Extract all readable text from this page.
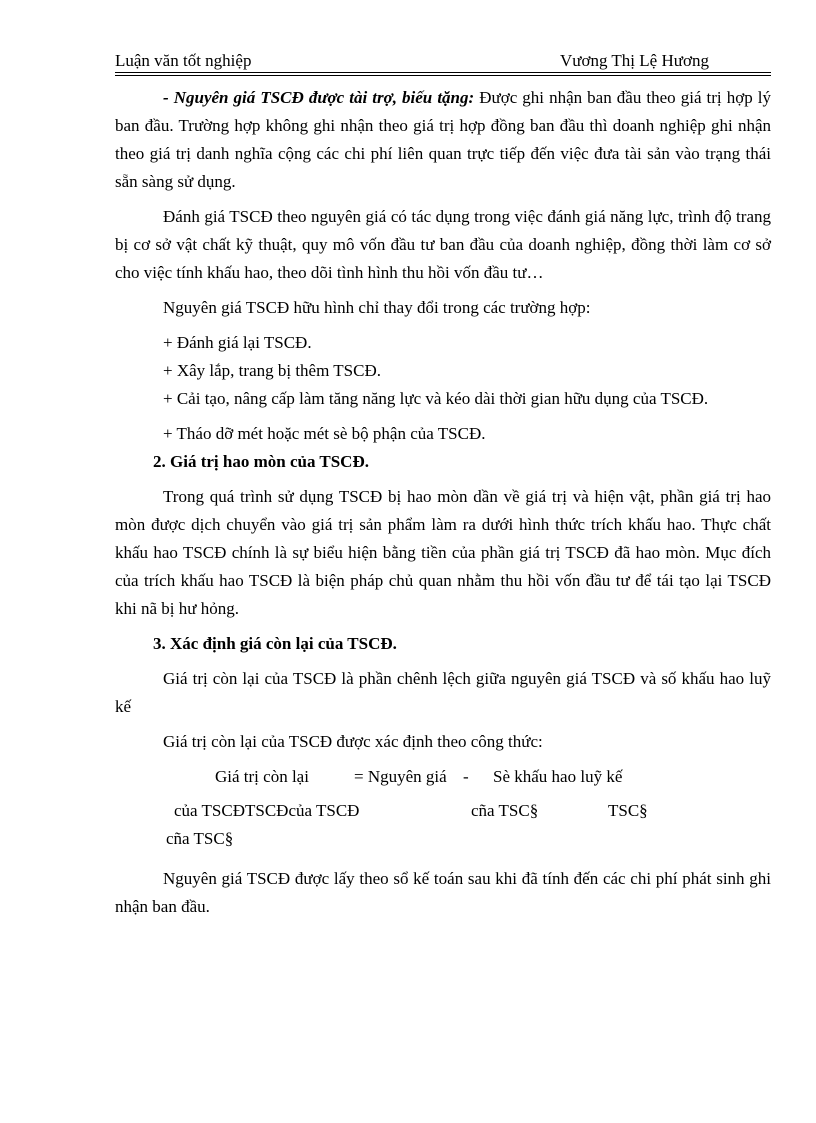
Luận văn tốt nghiệp	Vương Thị Lệ Hương

- Nguyên giá TSCĐ được tài trợ, biếu tặng: Được ghi nhận ban đầu theo giá trị hợp lý ban đầu. Trường hợp không ghi nhận theo giá trị hợp đồng ban đầu thì doanh nghiệp ghi nhận theo giá trị danh nghĩa cộng các chi phí liên quan trực tiếp đến việc đưa tài sản vào trạng thái sẵn sàng sử dụng.

Đánh giá TSCĐ theo nguyên giá có tác dụng trong việc đánh giá năng lực, trình độ trang bị cơ sở vật chất kỹ thuật, quy mô vốn đầu tư ban đầu của doanh nghiệp, đồng thời làm cơ sở cho việc tính khấu hao, theo dõi tình hình thu hồi vốn đầu tư…

Nguyên giá TSCĐ hữu hình chỉ thay đổi trong các trường hợp:

+ Đánh giá lại TSCĐ.

+ Xây lắp, trang bị thêm TSCĐ.

+ Cải tạo, nâng cấp làm tăng năng lực và kéo dài thời gian hữu dụng của TSCĐ.

+ Tháo dỡ mét hoặc mét sè bộ phận của TSCĐ.

2. Giá trị hao mòn của TSCĐ.

Trong quá trình sử dụng TSCĐ bị hao mòn dần về giá trị và hiện vật, phần giá trị hao mòn được dịch chuyển vào giá trị sản phẩm làm ra dưới hình thức trích khấu hao. Thực chất khấu hao TSCĐ chính là sự biểu hiện bằng tiền của phần giá trị TSCĐ đã hao mòn. Mục đích của trích khấu hao TSCĐ là biện pháp chủ quan nhằm thu hồi vốn đầu tư để tái tạo lại TSCĐ khi nã bị hư hỏng.

3. Xác định giá còn lại của TSCĐ.

Giá trị còn lại của TSCĐ là phần chênh lệch giữa nguyên giá TSCĐ và số khấu hao luỹ kế

Giá trị còn lại của TSCĐ được xác định theo công thức:

Giá trị còn lại	= Nguyên giá - Sè khấu hao luỹ kế
của TSCĐTSCĐcủa TSCĐ	cña TSC§	TSC§
cña TSC§

Nguyên giá TSCĐ được lấy theo sổ kế toán sau khi đã tính đến các chi phí phát sinh ghi nhận ban đầu.
